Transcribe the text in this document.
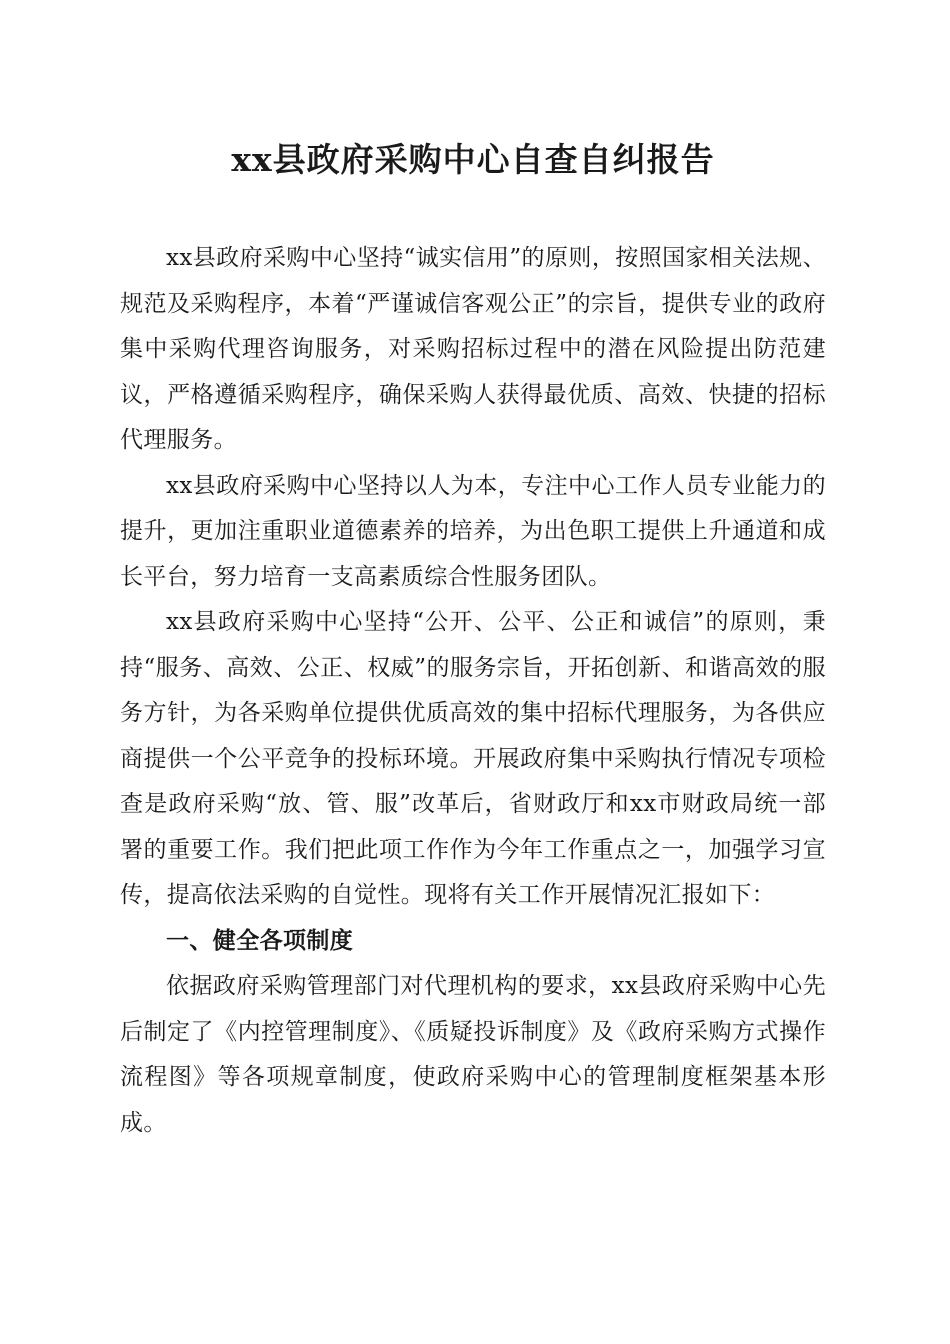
xx县政府采购中心自查自纠报告

xx县政府采购中心坚持“诚实信用”的原则，按照国家相关法规、规范及采购程序，本着“严谨诚信客观公正”的宗旨，提供专业的政府集中采购代理咨询服务，对采购招标过程中的潜在风险提出防范建议，严格遵循采购程序，确保采购人获得最优质、高效、快捷的招标代理服务。

xx县政府采购中心坚持以人为本，专注中心工作人员专业能力的提升，更加注重职业道德素养的培养，为出色职工提供上升通道和成长平台，努力培育一支高素质综合性服务团队。

xx县政府采购中心坚持“公开、公平、公正和诚信”的原则，秉持“服务、高效、公正、权威”的服务宗旨，开拓创新、和谐高效的服务方针，为各采购单位提供优质高效的集中招标代理服务，为各供应商提供一个公平竞争的投标环境。开展政府集中采购执行情况专项检查是政府采购“放、管、服”改革后，省财政厅和xx市财政局统一部署的重要工作。我们把此项工作作为今年工作重点之一，加强学习宣传，提高依法采购的自觉性。现将有关工作开展情况汇报如下：

一、健全各项制度

依据政府采购管理部门对代理机构的要求，xx县政府采购中心先后制定了《内控管理制度》、《质疑投诉制度》及《政府采购方式操作流程图》等各项规章制度，使政府采购中心的管理制度框架基本形成。
